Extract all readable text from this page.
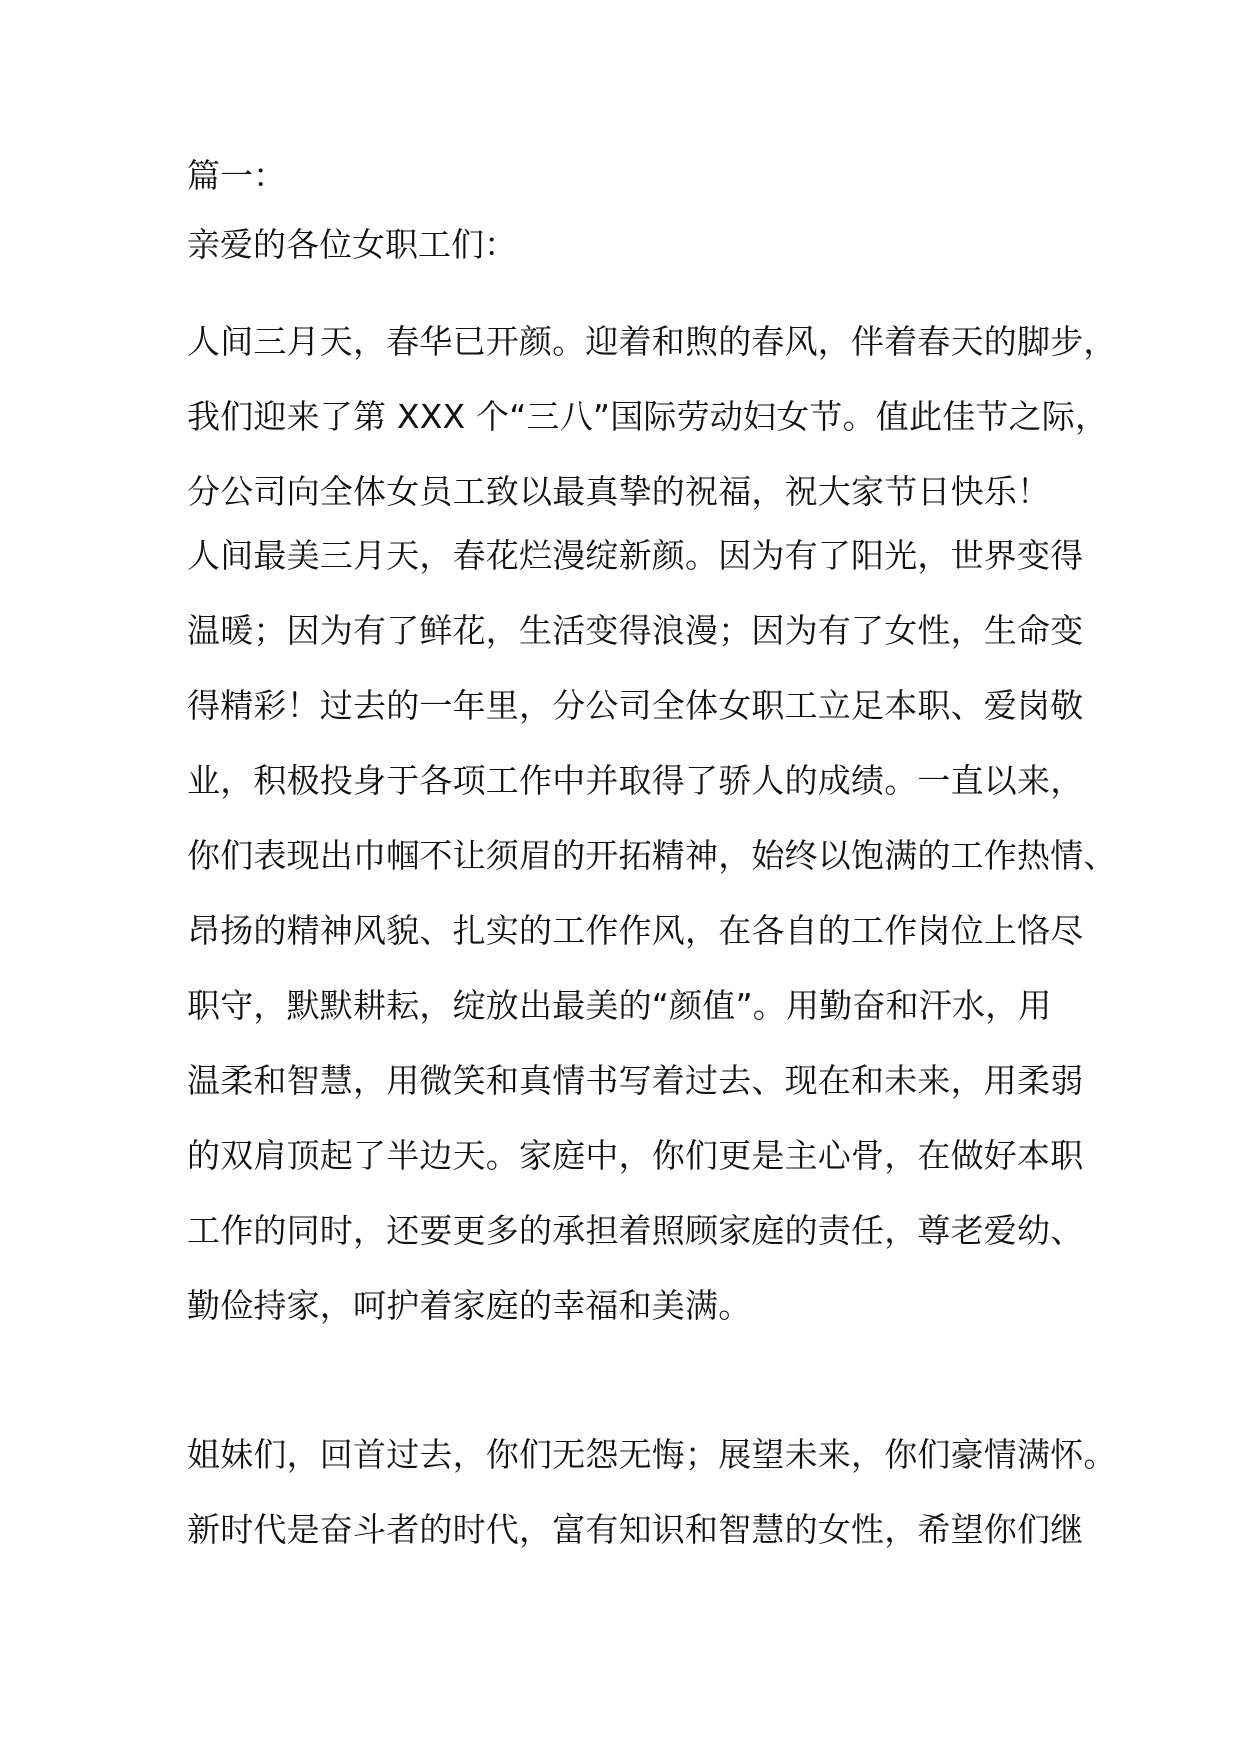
篇一：
亲爱的各位女职工们：
人间三月天，春华已开颜。迎着和煦的春风，伴着春天的脚步，
我们迎来了第 XXX 个“三八”国际劳动妇女节。值此佳节之际，
分公司向全体女员工致以最真挚的祝福，祝大家节日快乐！
人间最美三月天，春花烂漫绽新颜。因为有了阳光，世界变得
温暖；因为有了鲜花，生活变得浪漫；因为有了女性，生命变
得精彩！过去的一年里，分公司全体女职工立足本职、爱岗敬
业，积极投身于各项工作中并取得了骄人的成绩。一直以来，
你们表现出巾帼不让须眉的开拓精神，始终以饱满的工作热情、
昂扬的精神风貌、扎实的工作作风，在各自的工作岗位上恪尽
职守，默默耕耘，绽放出最美的“颜值”。用勤奋和汗水，用
温柔和智慧，用微笑和真情书写着过去、现在和未来，用柔弱
的双肩顶起了半边天。家庭中，你们更是主心骨，在做好本职
工作的同时，还要更多的承担着照顾家庭的责任，尊老爱幼、
勤俭持家，呵护着家庭的幸福和美满。
姐妹们，回首过去，你们无怨无悔；展望未来，你们豪情满怀。
新时代是奋斗者的时代，富有知识和智慧的女性，希望你们继
